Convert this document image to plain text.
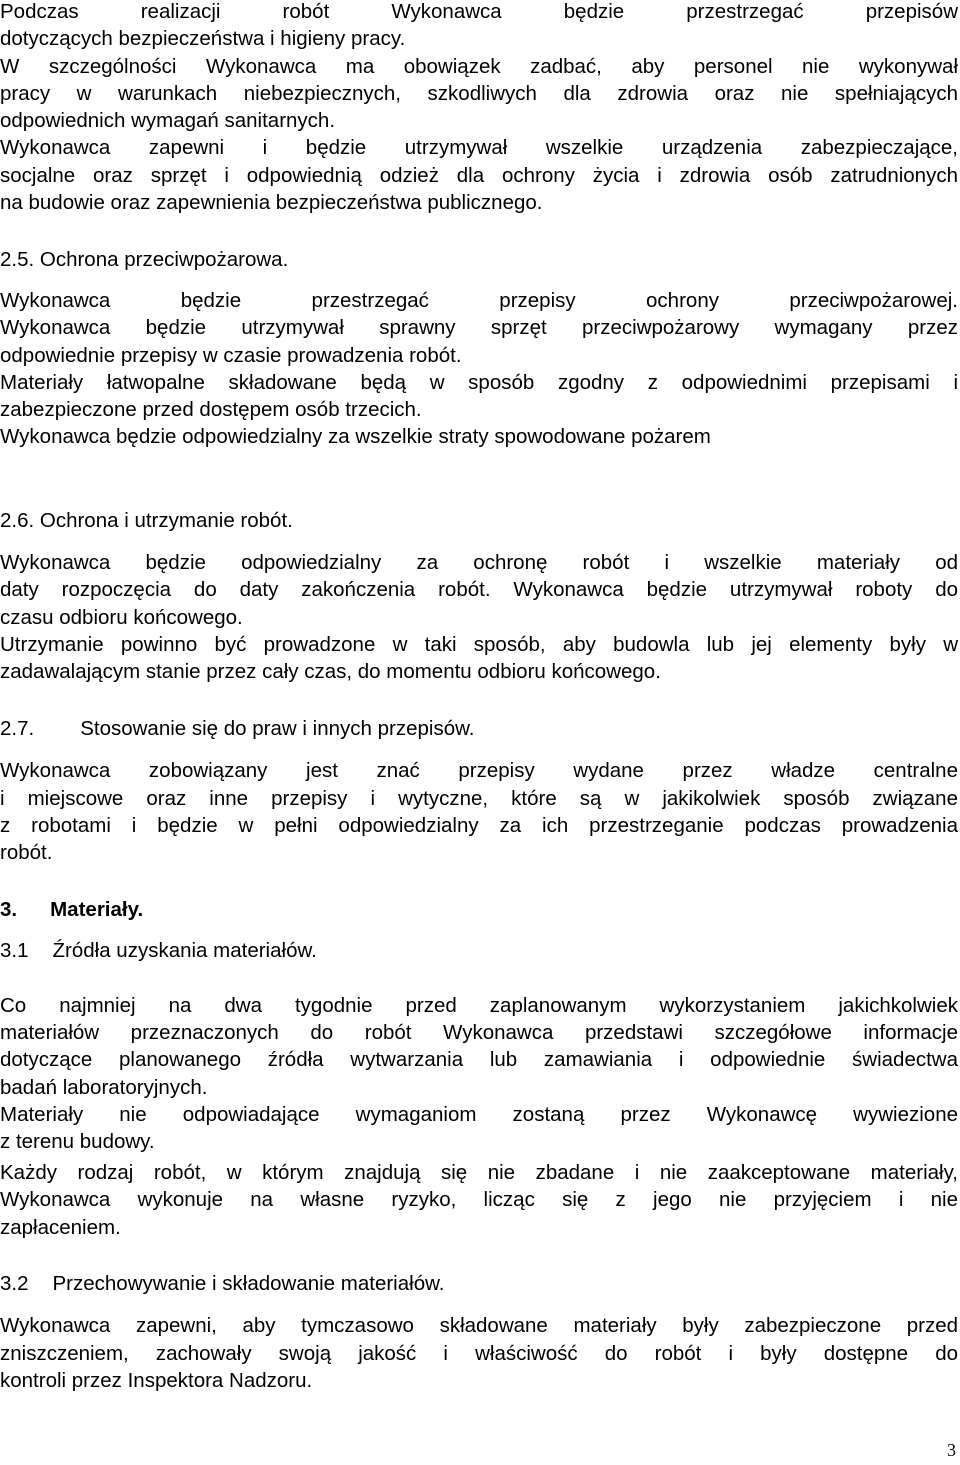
Podczas realizacji robót Wykonawca będzie przestrzegać przepisów
dotyczących bezpieczeństwa i higieny pracy.
W szczególności Wykonawca ma obowiązek zadbać, aby personel nie wykonywał
pracy w warunkach niebezpiecznych, szkodliwych dla zdrowia oraz nie spełniających
odpowiednich wymagań sanitarnych.
Wykonawca zapewni i będzie utrzymywał wszelkie urządzenia zabezpieczające,
socjalne oraz sprzęt i odpowiednią odzież dla ochrony życia i zdrowia osób zatrudnionych
na budowie oraz zapewnienia bezpieczeństwa publicznego.
2.5. Ochrona przeciwpożarowa.
Wykonawca będzie przestrzegać przepisy ochrony przeciwpożarowej.
Wykonawca będzie utrzymywał sprawny sprzęt przeciwpożarowy wymagany przez
odpowiednie przepisy w czasie prowadzenia robót.
Materiały łatwopalne składowane będą w sposób zgodny z odpowiednimi przepisami i
zabezpieczone przed dostępem osób trzecich.
Wykonawca będzie odpowiedzialny za wszelkie straty spowodowane pożarem
2.6. Ochrona i utrzymanie robót.
Wykonawca będzie odpowiedzialny za ochronę robót i wszelkie materiały od
daty rozpoczęcia do daty zakończenia robót. Wykonawca będzie utrzymywał roboty do
czasu odbioru końcowego.
Utrzymanie powinno być prowadzone w taki sposób, aby budowla lub jej elementy były w
zadawalającym stanie przez cały czas, do momentu odbioru końcowego.
2.7. Stosowanie się do praw i innych przepisów.
Wykonawca zobowiązany jest znać przepisy wydane przez władze centralne
i miejscowe oraz inne przepisy i wytyczne, które są w jakikolwiek sposób związane
z robotami i będzie w pełni odpowiedzialny za ich przestrzeganie podczas prowadzenia
robót.
3. Materiały.
3.1 Źródła uzyskania materiałów.
Co najmniej na dwa tygodnie przed zaplanowanym wykorzystaniem jakichkolwiek
materiałów przeznaczonych do robót Wykonawca przedstawi szczegółowe informacje
dotyczące planowanego źródła wytwarzania lub zamawiania i odpowiednie świadectwa
badań laboratoryjnych.
Materiały nie odpowiadające wymaganiom zostaną przez Wykonawcę wywiezione
z terenu budowy.
Każdy rodzaj robót, w którym znajdują się nie zbadane i nie zaakceptowane materiały,
Wykonawca wykonuje na własne ryzyko, licząc się z jego nie przyjęciem i nie
zapłaceniem.
3.2 Przechowywanie i składowanie materiałów.
Wykonawca zapewni, aby tymczasowo składowane materiały były zabezpieczone przed
zniszczeniem, zachowały swoją jakość i właściwość do robót i były dostępne do
kontroli przez Inspektora Nadzoru.
3
